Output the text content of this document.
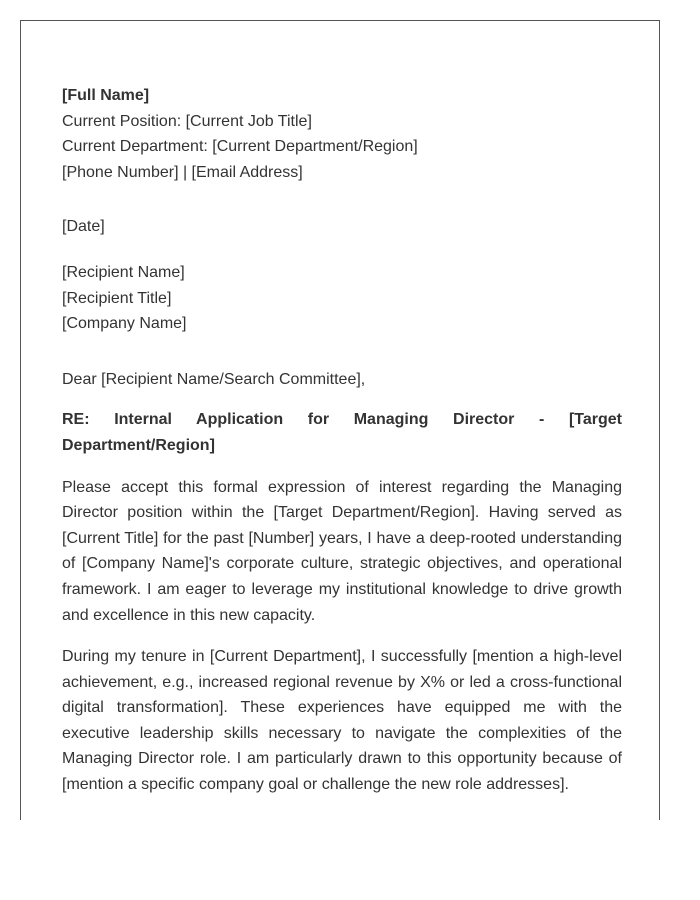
[Full Name]
Current Position: [Current Job Title]
Current Department: [Current Department/Region]
[Phone Number] | [Email Address]
[Date]
[Recipient Name]
[Recipient Title]
[Company Name]
Dear [Recipient Name/Search Committee],
RE: Internal Application for Managing Director - [Target Department/Region]
Please accept this formal expression of interest regarding the Managing Director position within the [Target Department/Region]. Having served as [Current Title] for the past [Number] years, I have a deep-rooted understanding of [Company Name]'s corporate culture, strategic objectives, and operational framework. I am eager to leverage my institutional knowledge to drive growth and excellence in this new capacity.
During my tenure in [Current Department], I successfully [mention a high-level achievement, e.g., increased regional revenue by X% or led a cross-functional digital transformation]. These experiences have equipped me with the executive leadership skills necessary to navigate the complexities of the Managing Director role. I am particularly drawn to this opportunity because of [mention a specific company goal or challenge the new role addresses].
